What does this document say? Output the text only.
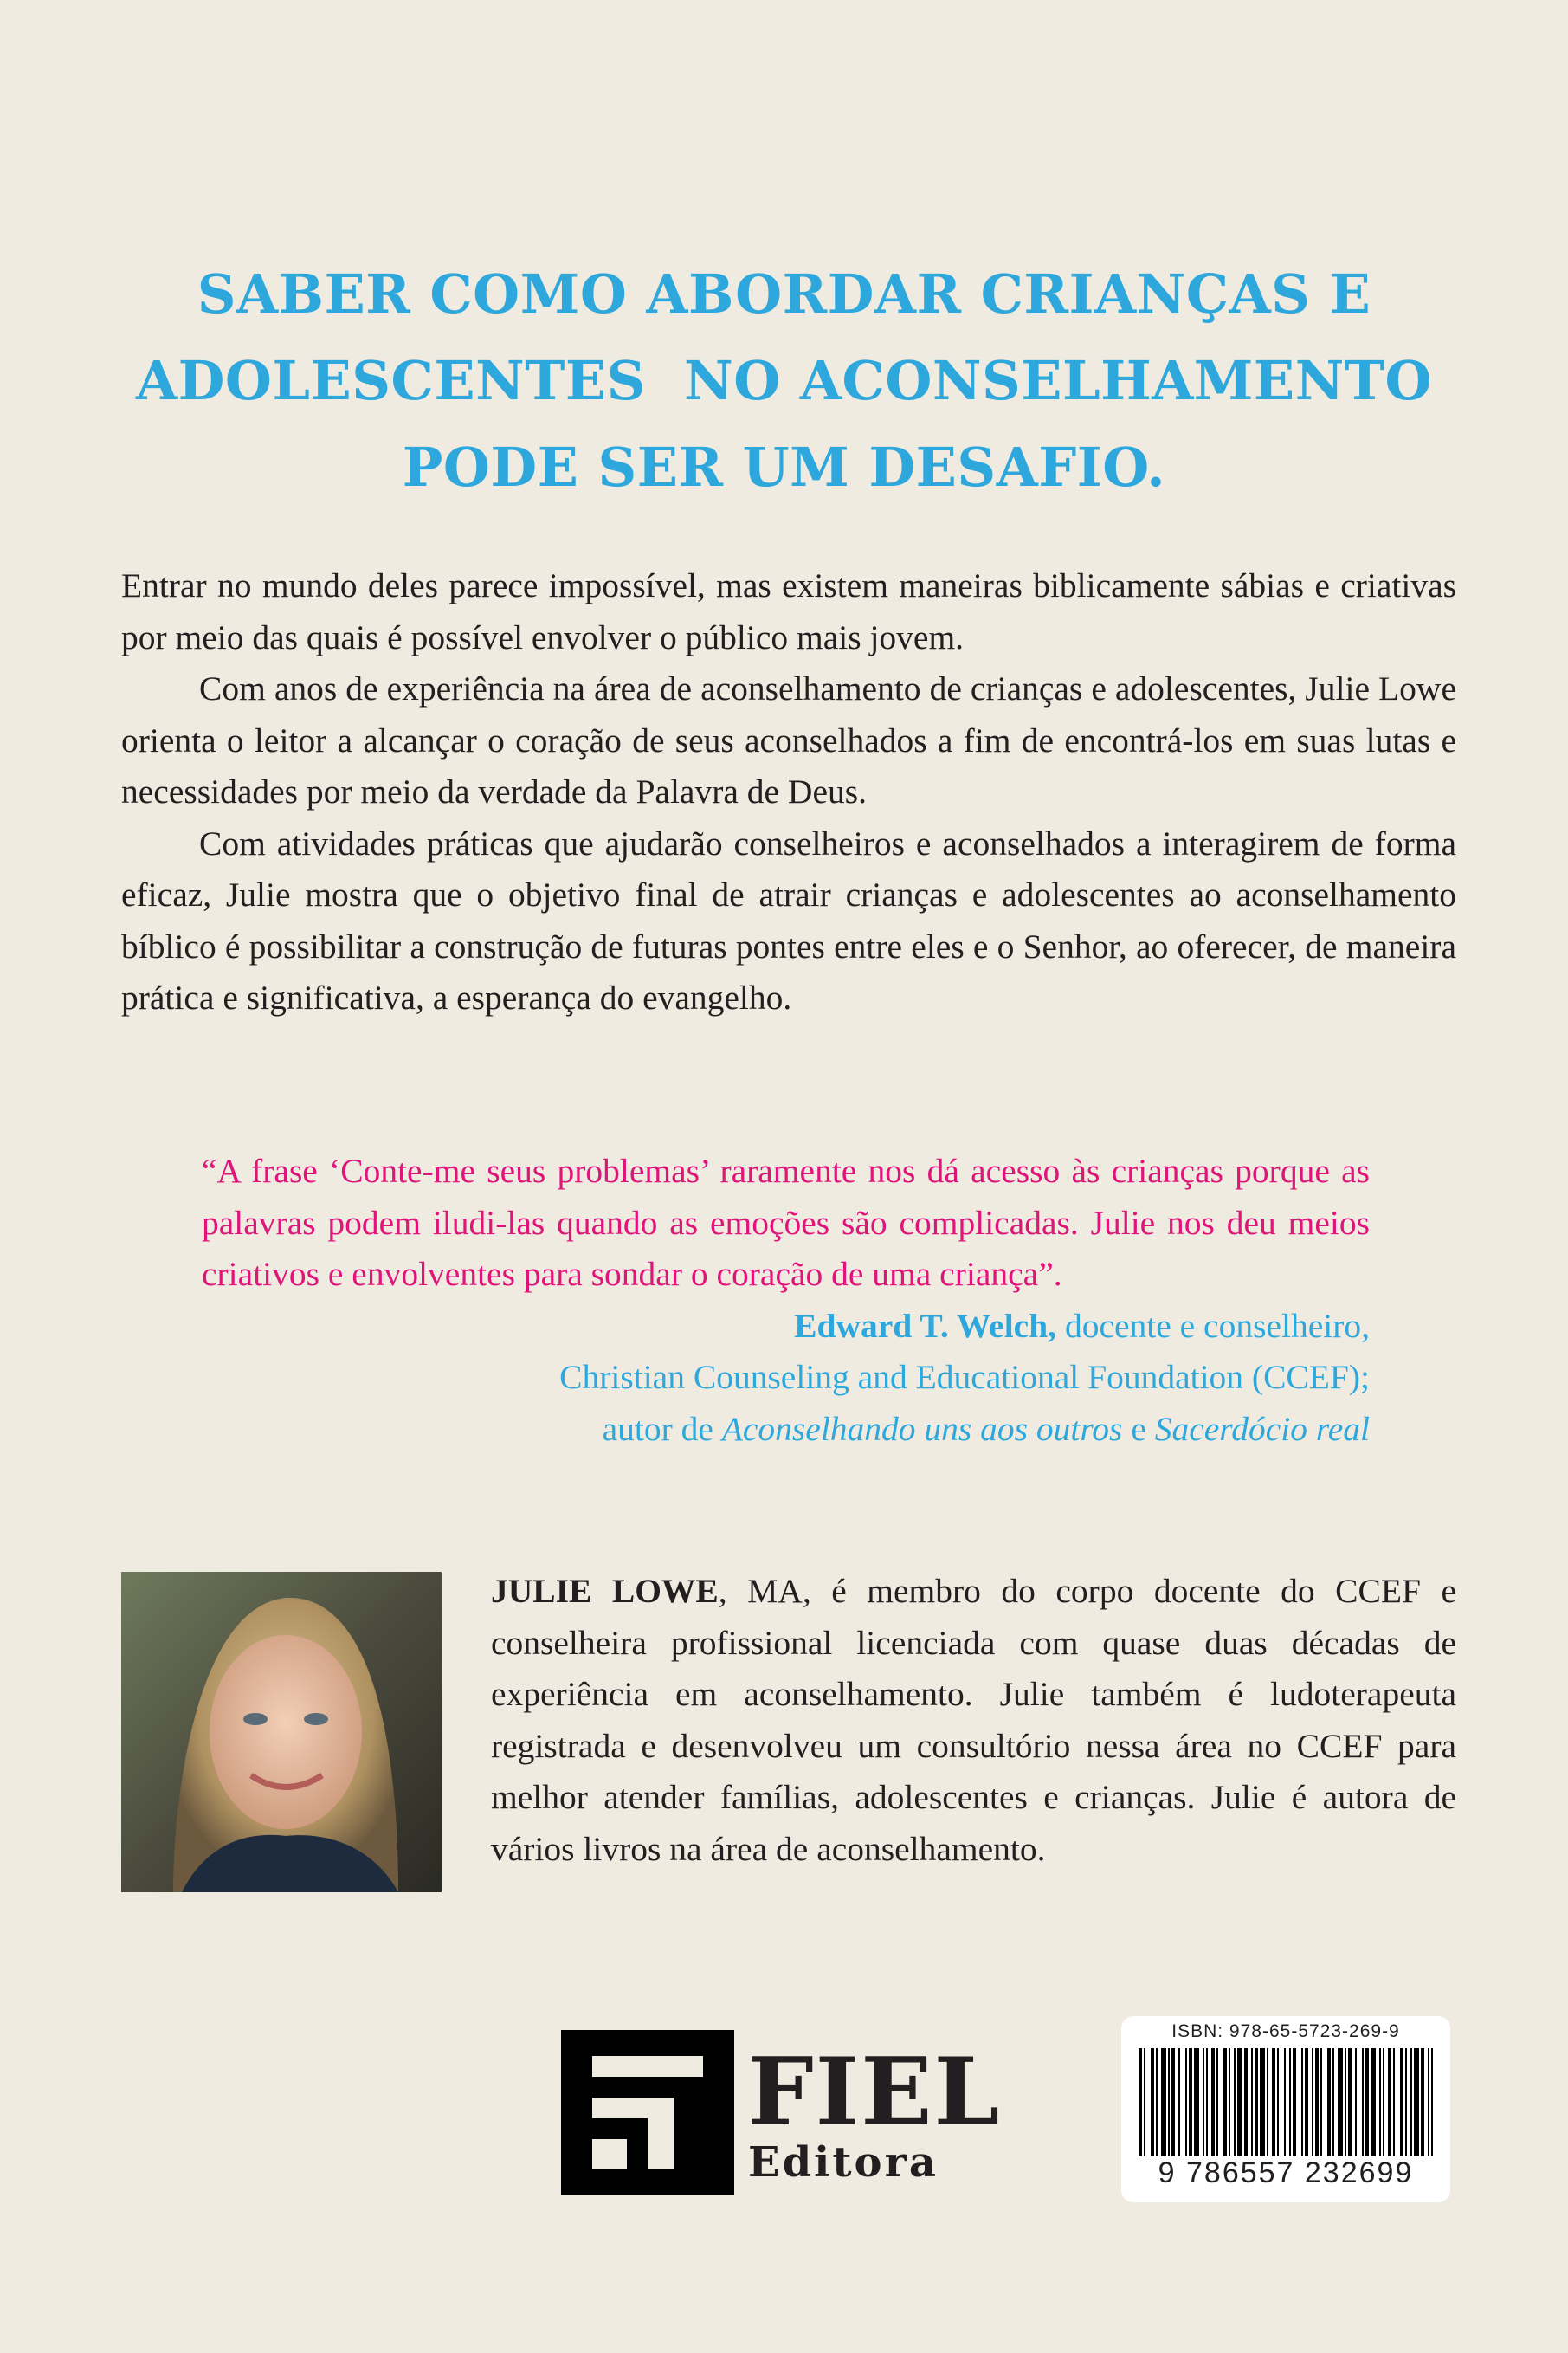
SABER COMO ABORDAR CRIANÇAS E
ADOLESCENTES  NO ACONSELHAMENTO
PODE SER UM DESAFIO.

Entrar no mundo deles parece impossível, mas existem maneiras biblicamente sábias e criativas por meio das quais é possível envolver o público mais jovem.

Com anos de experiência na área de aconselhamento de crianças e adolescentes, Julie Lowe orienta o leitor a alcançar o coração de seus aconselhados a fim de encontrá-los em suas lutas e necessidades por meio da verdade da Palavra de Deus.

Com atividades práticas que ajudarão conselheiros e aconselhados a interagirem de forma eficaz, Julie mostra que o objetivo final de atrair crianças e adolescentes ao aconselhamento bíblico é possibilitar a construção de futuras pontes entre eles e o Senhor, ao oferecer, de maneira prática e significativa, a esperança do evangelho.

“A frase ‘Conte-me seus problemas’ raramente nos dá acesso às crianças porque as palavras podem iludi-las quando as emoções são complicadas. Julie nos deu meios criativos e envolventes para sondar o coração de uma criança”.

Edward T. Welch, docente e conselheiro,

Christian Counseling and Educational Foundation (CCEF);

autor de Aconselhando uns aos outros e Sacerdócio real

JULIE LOWE, MA, é membro do corpo docente do CCEF e conselheira profissional licenciada com quase duas décadas de experiência em aconselhamento. Julie também é ludoterapeuta registrada e desenvolveu um consultório nessa área no CCEF para melhor atender famílias, adolescentes e crianças. Julie é autora de vários livros na área de aconselhamento.

FIEL
Editora
ISBN: 978-65-5723-269-9
9 786557 232699
